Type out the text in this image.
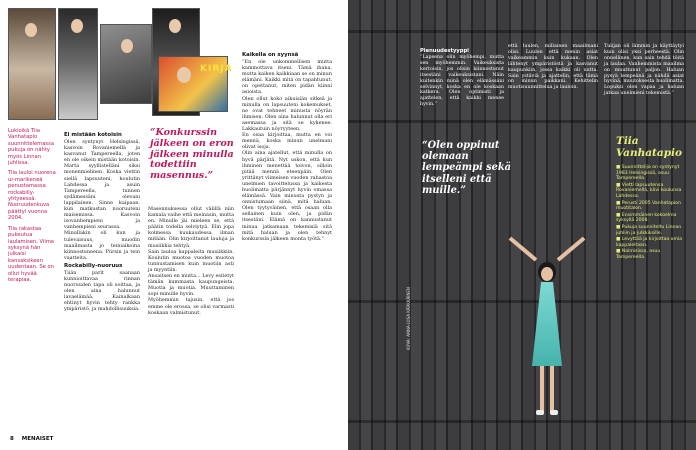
KIRJA

Lukioikä Tiia Vanhatapio suunnittelemassa pukuja on nähty myös Linnan juhlissa.

Tiia lauloi nuorena ur-marikeneä penustamassa rockabilly-yhtyeessä. Nuoruudenkuva päättyi vuonna 2004.

Tiia rakastaa pukeutua laulamisen, Viime syksynä hän julkaisi kansaksikeen uudentaan. Se on ollut hyvää terapiaa.

Ei mistään kotoisin
Olen syntynyt Helsingissä, kasvoin Rovaniemellä ja kasvanut Tampereella, joten en ole oikein mistään kotoisin. Marta syyllistelläni siksi monenmielinen. Koska viettin siellä lapsuuteni, koulutin Lahdessa ja asuin Tampereella, tunnen sydämessäni olevani lappilainen. Sinne kaipaan, kun matkustan nuoruuteni maisemissa. Kasvoin isovanhempieni ja vanhempieni seurassa.
Minullakin oli kun ja tulevaisuus, muodin maailmasta jo teiniaikoina kiinnostuneena. Piirsin ja tein vaatteita.
Rockabilly-nuoruus
Tiiän parit saanaan kunnioittavaa rinnan nuoruuden tapa oli soittaa, ja olen aina halunnut lavaelämää. Kainalkaan ehtinyt hyvin tehty rankka ympäristö, ja mahdollisuuksia.
“Konkurssin jälkeen on eron jälkeen minulla todettiin masennus.”
Masennuksessa ollut välillä niin kamala vaihe että meinasin, mutta en. Minulle jäi mieleen se, että päätin todella selviytyä. Elin jopa kolmessa kuukaudessa ilman mitään. Olin kirjoittanut lauluja ja musiikkia tehtyä.
Sain lauloa kappaleita musiikkiin. Koulutin muotoa vuoden muotoa tunnustamisen kuin muotiin asti ja myyntiin.
Ansaitsen en mutta... Levy esitetyt tämän kummasta kaupungeista. Muotia ja muotia. Muuttaminen sopi minulle hyvin.
Myöhemmin tajusin, että jos emme ole erossa, se olisi varmasti koskaan valmistunut.
Kaikella on syynsä
“En ole unkommellisen mutta kammottava itseni. Tämä ihana, mutta kaiken kaikkiaan se on minun elämäni. Kaikki mitä on tapahtunut, on opettanut, miten pidän kiinni asioista.
Olen ollut koko aikuisiän sitkeä ja minulla on lapsuuteni kokemukset, ne ovat tehneet minusta nöyrän ihmisen. Olen aina halunnut olla eri asemassa ja sitä se kykenee. Lakkautuin nöyryyteen.
En osaa kirjoittaa, mutta en voi mennä, koska minun unelmani olivat isoja.
Olin aina ajatellut, että minulla on hyvä pärjätä. Nyt uskon, että kun ihminen menettää toivon, silloin pitää mennä eteenpäin. Olen yrittänyt viimeisen vuoden rahastoa unelmien tavoittelussa ja kaikesta huolimatta pärjännyt hyvin omassa elämässä. Vain minusta pystyn ja onnistumaan siinä, mitä haluan. Olen tyytyväinen, että osaan olla sellainen kuin olen, ja pidän itsestäni. Elämä on kannustanut minua jatkamaan tekemisiä sitä mitä haluan ja olen tehnyt konkurssin jälkeen monta työtä.”
8 MENAISET
Pienuudestyyppi
“Lapsena olin myöhempi, mutta sen myöhemmin. Vaikeuksista kertoisin, jos olisin kiinnostunut itsestäni vaikeuksistani. Näin kuitenkin minä olen elämässäni selvinnyt, koska en ole koskaan katkera. Olen optimisti ja ajattelen, että kaikki menee hyvin.”
että luulen, millainen maailmani olisi. Luulen että menin asiat vaikeammin kuin kukaan. Olen lähtenyt ympäristöstä ja kasvanut kaupunkiin, jossa kaikki oli uutta. Sain ystäviä ja ajattelin, että tämä on minun paikkani. Kehittelin muotisuunnittelua ja lauloin.
Tulijan oli lämmin ja käyttäytyi kuin olisi yksi perheestä. Olin onnellinen, kun sain tehdä töitä ja laulaa. Vanhemmista maailma on muuttunut paljon. Haluan pysyä lempeänä ja nähdä asiat hyvinä, muutoksesta huolimatta. Lopuksi olen vapaa ja haluan jatkaa unelmieni tekemistä.”
“Olen oppinut olemaan lempeämpi sekä itselleni että muille.”
Tiia Vanhatapio
■ Suunnittelija on syntynyt 1983 Helsingissä, asuu Tampereella.
■ Vietti lapsuutensa Rovaniemellä, kävi koulunsa Lahdessa.
■ Perusti 2005 Vanhatapion muotitalon.
■ Ensimmäinen kokoelma syksyllä 2008.
■ Pukuja suunniteltu Linnan juhliin ja julkkiksille.
■ Levyttää ja kirjoittaa omia kappaleitaan.
■ Naimisissa, asuu Tampereella.
KUVA: ANNA-LIISA KÄRKKÄINEN
